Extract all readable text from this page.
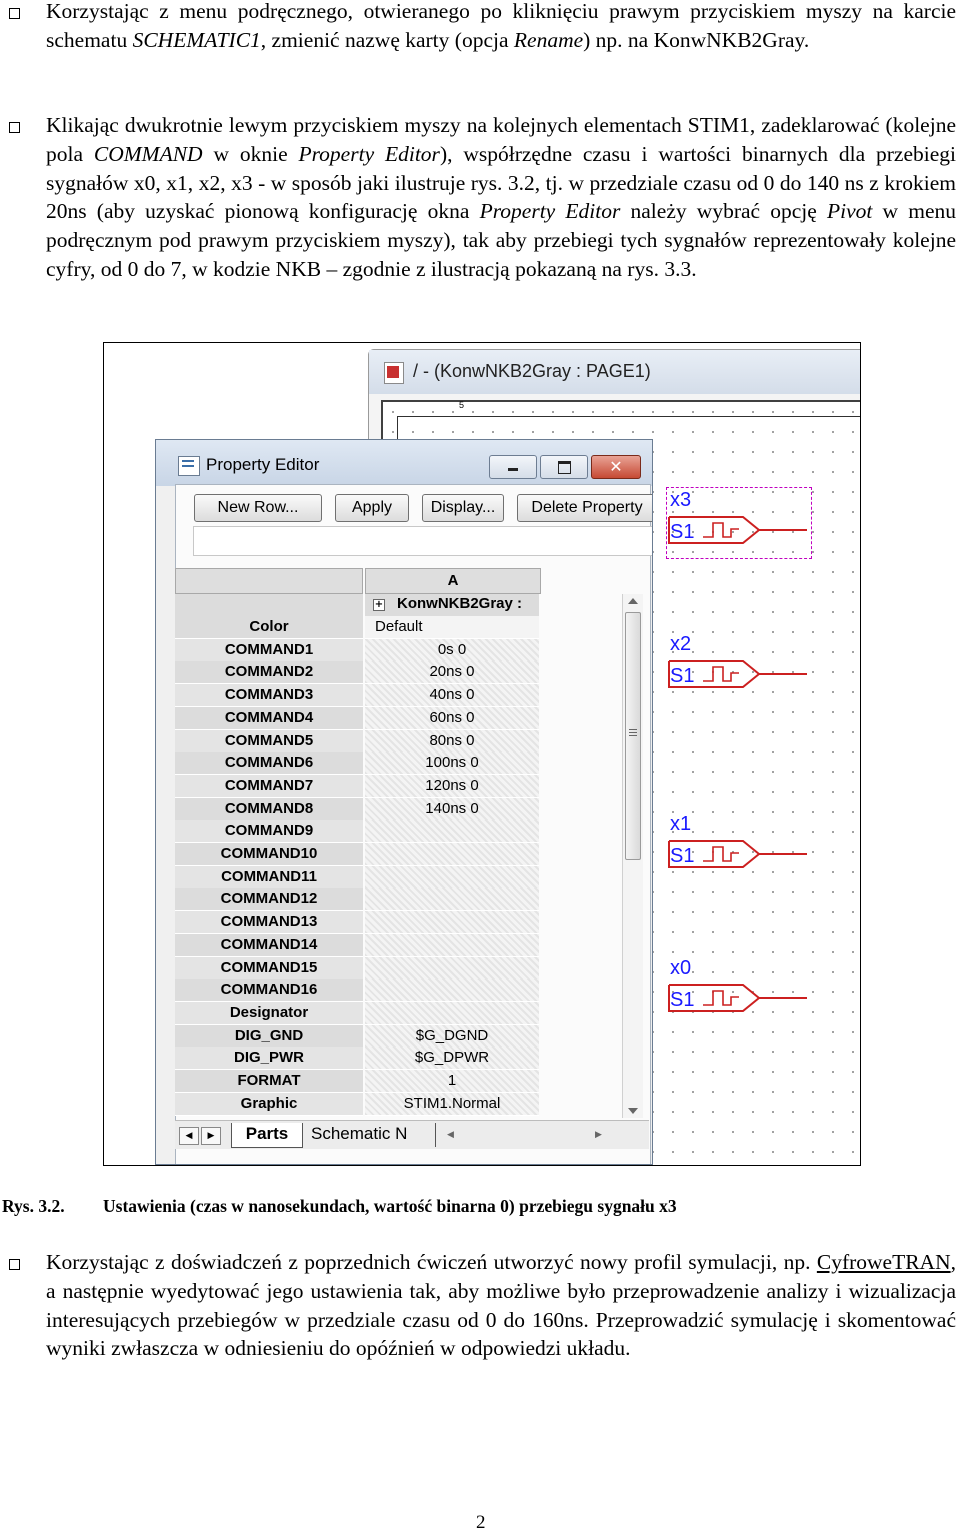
Korzystając z menu podręcznego, otwieranego po kliknięciu prawym przyciskiem myszy na karcie schematu SCHEMATIC1, zmienić nazwę karty (opcja Rename) np. na KonwNKB2Gray.
Klikając dwukrotnie lewym przyciskiem myszy na kolejnych elementach STIM1, zadeklarować (kolejne pola COMMAND w oknie Property Editor), współrzędne czasu i wartości binarnych dla przebiegi sygnałów x0, x1, x2, x3 - w sposób jaki ilustruje rys. 3.2, tj. w przedziale czasu od 0 do 140 ns z krokiem 20ns (aby uzyskać pionową konfigurację okna Property Editor należy wybrać opcję Pivot w menu podręcznym pod prawym przyciskiem myszy), tak aby przebiegi tych sygnałów reprezentowały kolejne cyfry, od 0 do 7, w kodzie NKB – zgodnie z ilustracją pokazaną na rys. 3.3.
/ - (KonwNKB2Gray : PAGE1)
5
x3
S1
x2
S1
x1
S1
x0
S1
Property Editor	✕
New Row...	Apply	Display...	Delete Property
A
+ KonwNKB2Gray :
Color	Default
COMMAND1	0s 0
COMMAND2	20ns 0
COMMAND3	40ns 0
COMMAND4	60ns 0
COMMAND5	80ns 0
COMMAND6	100ns 0
COMMAND7	120ns 0
COMMAND8	140ns 0
COMMAND9
COMMAND10
COMMAND11
COMMAND12
COMMAND13
COMMAND14
COMMAND15
COMMAND16
Designator
DIG_GND	$G_DGND
DIG_PWR	$G_DPWR
FORMAT	1
Graphic	STIM1.Normal
◀	▶	Parts	Schematic N	◀	▶
Rys. 3.2. Ustawienia (czas w nanosekundach, wartość binarna 0) przebiegu sygnału x3
Korzystając z doświadczeń z poprzednich ćwiczeń utworzyć nowy profil symulacji, np. CyfroweTRAN, a następnie wyedytować jego ustawienia tak, aby możliwe było przeprowadzenie analizy i wizualizacja interesujących przebiegów w przedziale czasu od 0 do 160ns. Przeprowadzić symulację i skomentować wyniki zwłaszcza w odniesieniu do opóźnień w odpowiedzi układu.
2
